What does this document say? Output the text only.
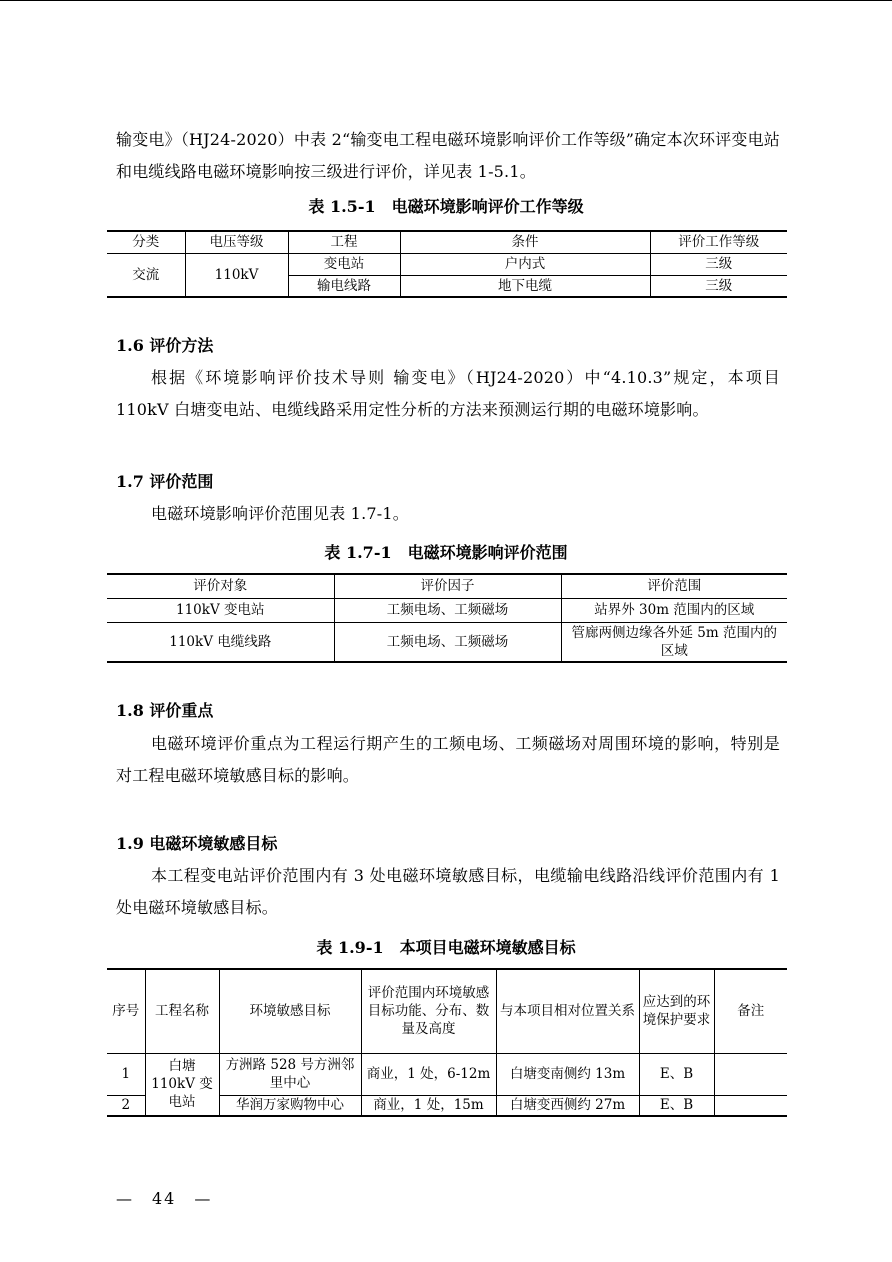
输变电》（HJ24-2020）中表 2“输变电工程电磁环境影响评价工作等级”确定本次环评变电站和电缆线路电磁环境影响按三级进行评价，详见表 1-5.1。

表 1.5-1　电磁环境影响评价工作等级

分类	电压等级	工程	条件	评价工作等级
交流	110kV	变电站	户内式	三级
		输电线路	地下电缆	三级

1.6 评价方法

根据《环境影响评价技术导则 输变电》（HJ24-2020）中“4.10.3”规定，本项目 110kV 白塘变电站、电缆线路采用定性分析的方法来预测运行期的电磁环境影响。

1.7 评价范围

电磁环境影响评价范围见表 1.7-1。

表 1.7-1　电磁环境影响评价范围

评价对象	评价因子	评价范围
110kV 变电站	工频电场、工频磁场	站界外 30m 范围内的区域
110kV 电缆线路	工频电场、工频磁场	管廊两侧边缘各外延 5m 范围内的区域

1.8 评价重点

电磁环境评价重点为工程运行期产生的工频电场、工频磁场对周围环境的影响，特别是对工程电磁环境敏感目标的影响。

1.9 电磁环境敏感目标

本工程变电站评价范围内有 3 处电磁环境敏感目标，电缆输电线路沿线评价范围内有 1 处电磁环境敏感目标。

表 1.9-1　本项目电磁环境敏感目标

序号	工程名称	环境敏感目标	评价范围内环境敏感目标功能、分布、数量及高度	与本项目相对位置关系	应达到的环境保护要求	备注
1	白塘 110kV 变电站	方洲路 528 号方洲邻里中心	商业，1 处，6-12m	白塘变南侧约 13m	E、B	
2		华润万家购物中心	商业，1 处，15m	白塘变西侧约 27m	E、B	
—　44　—
